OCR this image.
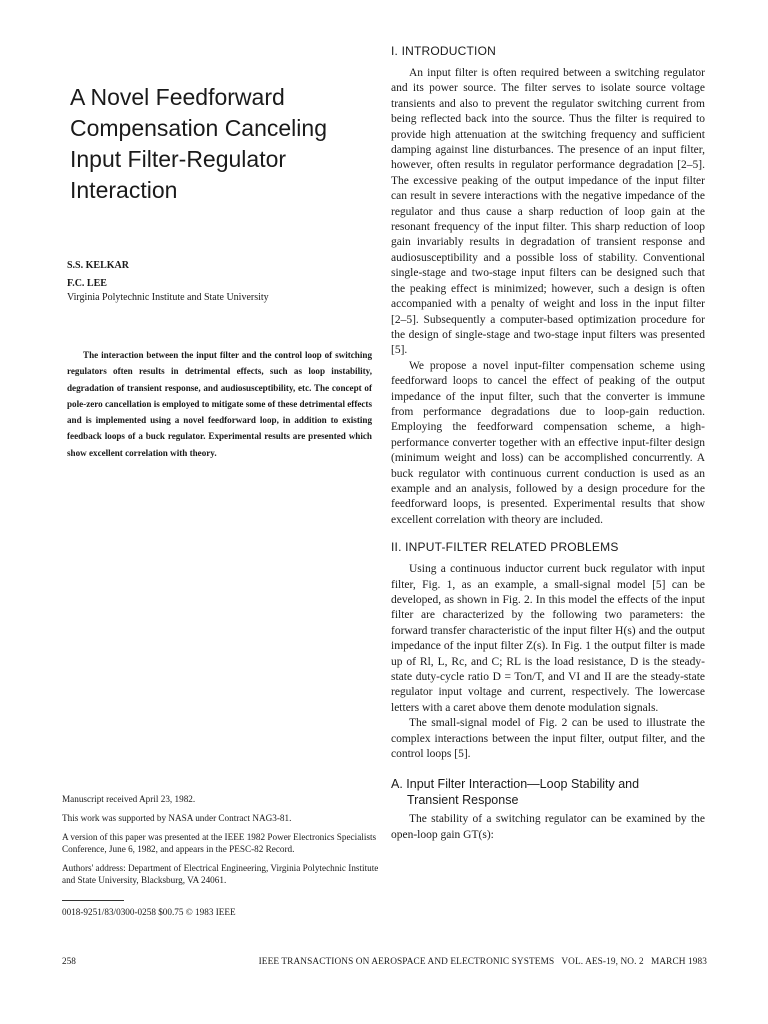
A Novel Feedforward Compensation Canceling Input Filter-Regulator Interaction
S.S. KELKAR
F.C. LEE
Virginia Polytechnic Institute and State University

The interaction between the input filter and the control loop of switching regulators often results in detrimental effects, such as loop instability, degradation of transient response, and audiosusceptibility, etc. The concept of pole-zero cancellation is employed to mitigate some of these detrimental effects and is implemented using a novel feedforward loop, in addition to existing feedback loops of a buck regulator. Experimental results are presented which show excellent correlation with theory.

Manuscript received April 23, 1982.

This work was supported by NASA under Contract NAG3-81.

A version of this paper was presented at the IEEE 1982 Power Electronics Specialists Conference, June 6, 1982, and appears in the PESC-82 Record.

Authors' address: Department of Electrical Engineering, Virginia Polytechnic Institute and State University, Blacksburg, VA 24061.

0018-9251/83/0300-0258 $00.75 © 1983 IEEE

I. INTRODUCTION

An input filter is often required between a switching regulator and its power source. The filter serves to isolate source voltage transients and also to prevent the regulator switching current from being reflected back into the source. Thus the filter is required to provide high attenuation at the switching frequency and sufficient damping against line disturbances. The presence of an input filter, however, often results in regulator performance degradation [2–5]. The excessive peaking of the output impedance of the input filter can result in severe interactions with the negative impedance of the regulator and thus cause a sharp reduction of loop gain at the resonant frequency of the input filter. This sharp reduction of loop gain invariably results in degradation of transient response and audiosusceptibility and a possible loss of stability. Conventional single-stage and two-stage input filters can be designed such that the peaking effect is minimized; however, such a design is often accompanied with a penalty of weight and loss in the input filter [2–5]. Subsequently a computer-based optimization procedure for the design of single-stage and two-stage input filters was presented [5].

We propose a novel input-filter compensation scheme using feedforward loops to cancel the effect of peaking of the output impedance of the input filter, such that the converter is immune from performance degradations due to loop-gain reduction. Employing the feedforward compensation scheme, a high-performance converter together with an effective input-filter design (minimum weight and loss) can be accomplished concurrently. A buck regulator with continuous current conduction is used as an example and an analysis, followed by a design procedure for the feedforward loops, is presented. Experimental results that show excellent correlation with theory are included.

II. INPUT-FILTER RELATED PROBLEMS

Using a continuous inductor current buck regulator with input filter, Fig. 1, as an example, a small-signal model [5] can be developed, as shown in Fig. 2. In this model the effects of the input filter are characterized by the following two parameters: the forward transfer characteristic of the input filter H(s) and the output impedance of the input filter Z(s). In Fig. 1 the output filter is made up of Rl, L, Rc, and C; RL is the load resistance, D is the steady-state duty-cycle ratio D = Ton/T, and VI and II are the steady-state regulator input voltage and current, respectively. The lowercase letters with a caret above them denote modulation signals.

The small-signal model of Fig. 2 can be used to illustrate the complex interactions between the input filter, output filter, and the control loops [5].

A. Input Filter Interaction—Loop Stability and
Transient Response

The stability of a switching regulator can be examined by the open-loop gain GT(s):

258	IEEE TRANSACTIONS ON AEROSPACE AND ELECTRONIC SYSTEMS VOL. AES-19, NO. 2 MARCH 1983
